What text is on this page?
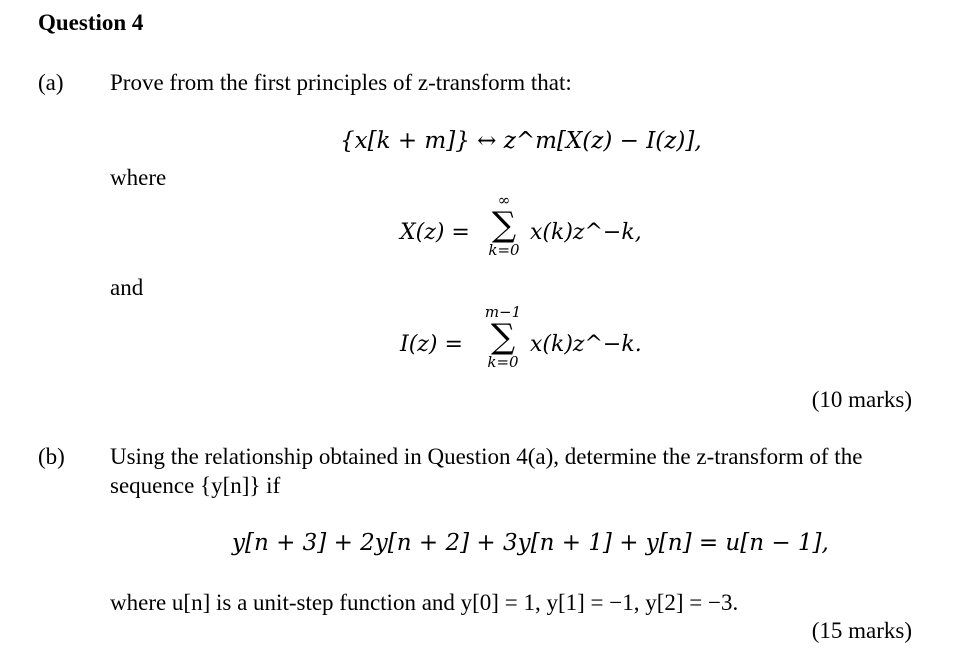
Question 4
(a) Prove from the first principles of z-transform that:
{x[k + m]} ↔ z^m[X(z) − I(z)],
where
X(z) =
∞
∑
k=0
x(k)z^−k,
and
I(z) =
m−1
∑
k=0
x(k)z^−k.
(10 marks)
(b) Using the relationship obtained in Question 4(a), determine the z-transform of the
sequence {y[n]} if
y[n + 3] + 2y[n + 2] + 3y[n + 1] + y[n] = u[n − 1],
where u[n] is a unit-step function and y[0] = 1, y[1] = −1, y[2] = −3.
(15 marks)
